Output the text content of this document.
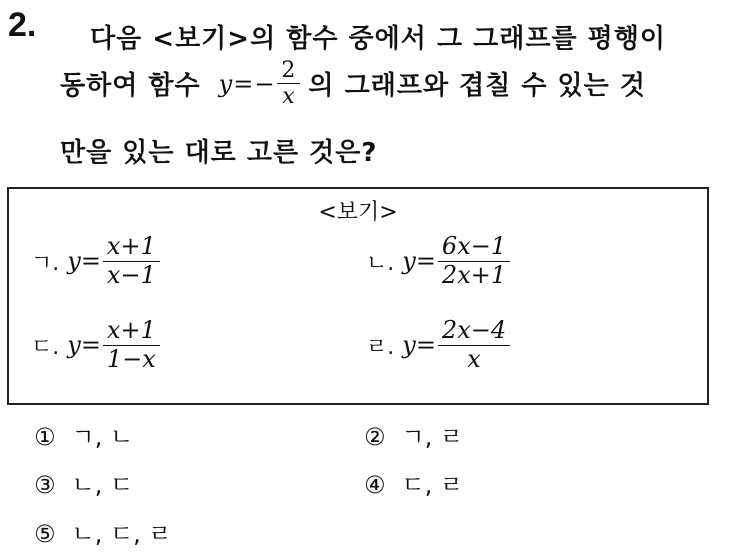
2. 다음 <보기>의 함수 중에서 그 그래프를 평행이
동하여 함수 y = − $\frac{2}{x}$ 의 그래프와 겹칠 수 있는 것
만을 있는 대로 고른 것은?
<보기>
ㄱ. $y = \frac{x+1}{x-1}$	ㄴ. $y = \frac{6x-1}{2x+1}$
ㄷ. $y = \frac{x+1}{1-x}$	ㄹ. $y = \frac{2x-4}{x}$
① ㄱ, ㄴ	② ㄱ, ㄹ
③ ㄴ, ㄷ	④ ㄷ, ㄹ
⑤ ㄴ, ㄷ, ㄹ
